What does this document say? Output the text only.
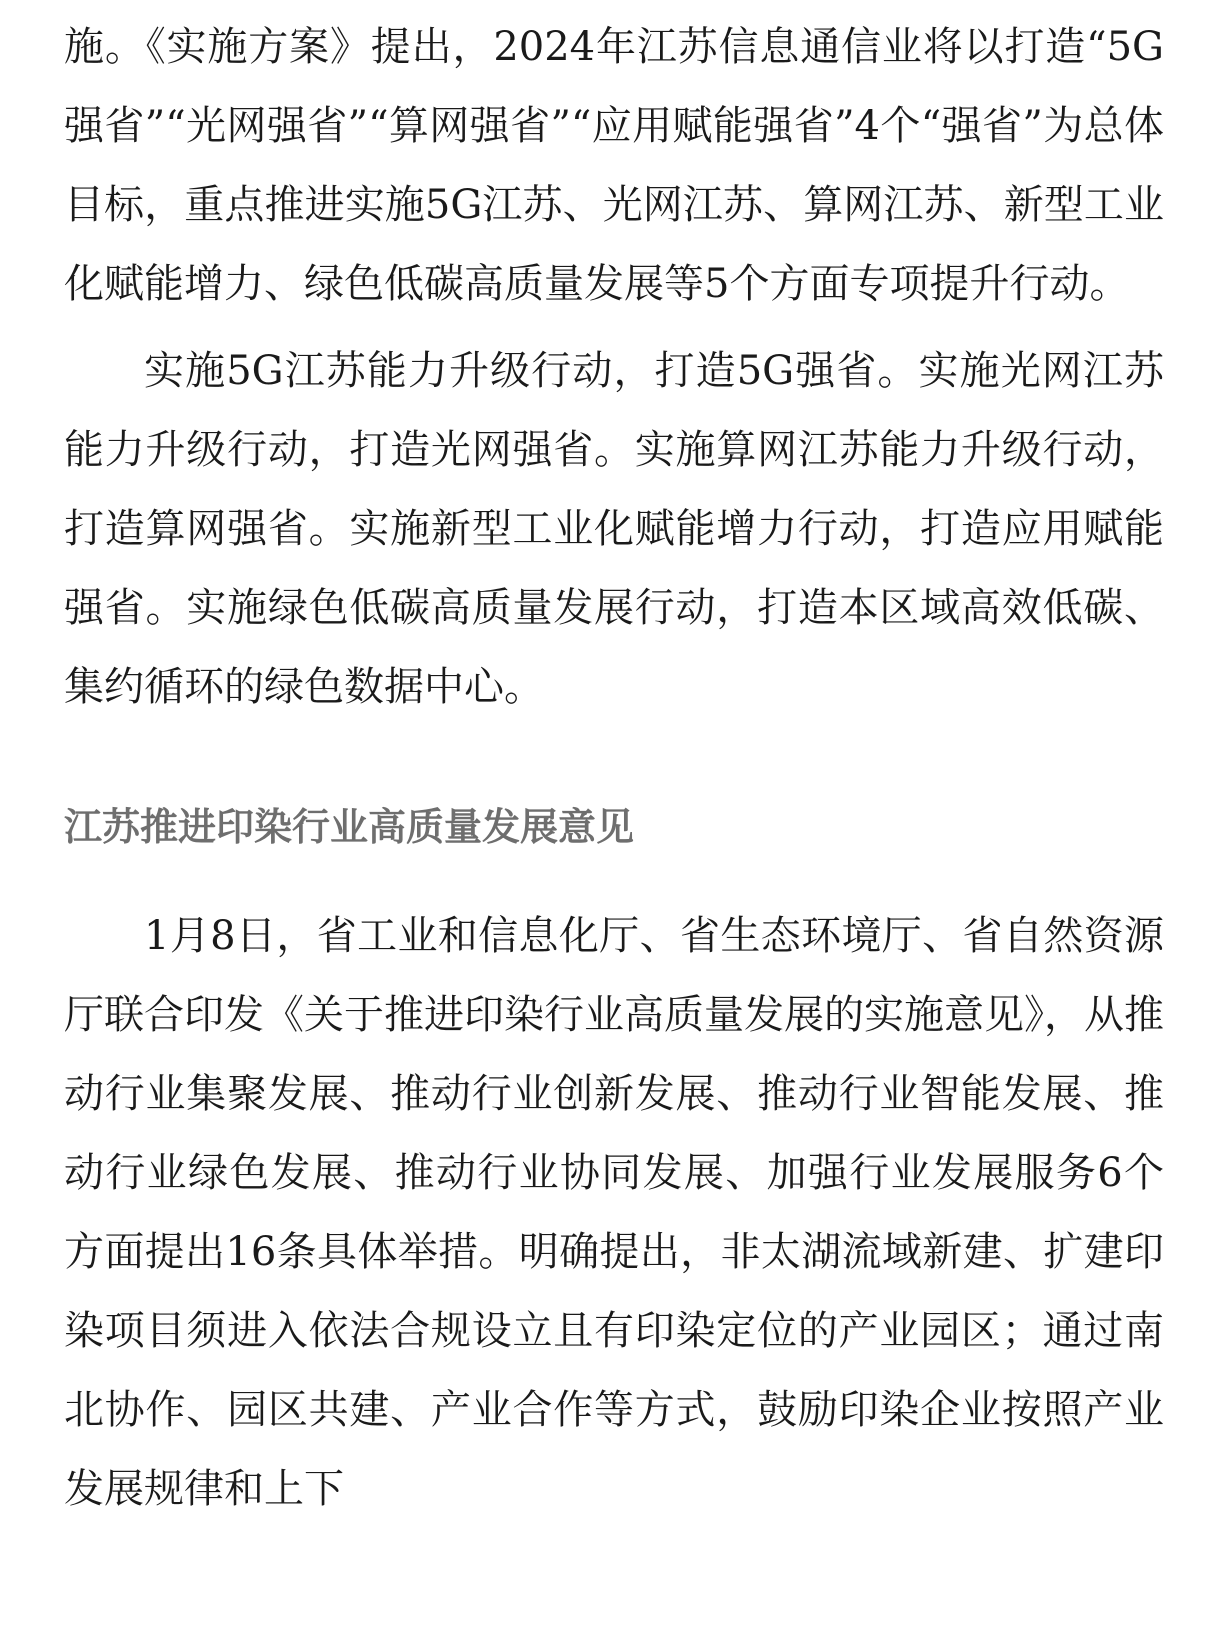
施。《实施方案》提出，2024年江苏信息通信业将以打造“5G强省”“光网强省”“算网强省”“应用赋能强省”4个“强省”为总体目标，重点推进实施5G江苏、光网江苏、算网江苏、新型工业化赋能增力、绿色低碳高质量发展等5个方面专项提升行动。

实施5G江苏能力升级行动，打造5G强省。实施光网江苏能力升级行动，打造光网强省。实施算网江苏能力升级行动，打造算网强省。实施新型工业化赋能增力行动，打造应用赋能强省。实施绿色低碳高质量发展行动，打造本区域高效低碳、集约循环的绿色数据中心。

江苏推进印染行业高质量发展意见

1月8日，省工业和信息化厅、省生态环境厅、省自然资源厅联合印发《关于推进印染行业高质量发展的实施意见》，从推动行业集聚发展、推动行业创新发展、推动行业智能发展、推动行业绿色发展、推动行业协同发展、加强行业发展服务6个方面提出16条具体举措。明确提出，非太湖流域新建、扩建印染项目须进入依法合规设立且有印染定位的产业园区；通过南北协作、园区共建、产业合作等方式，鼓励印染企业按照产业发展规律和上下
